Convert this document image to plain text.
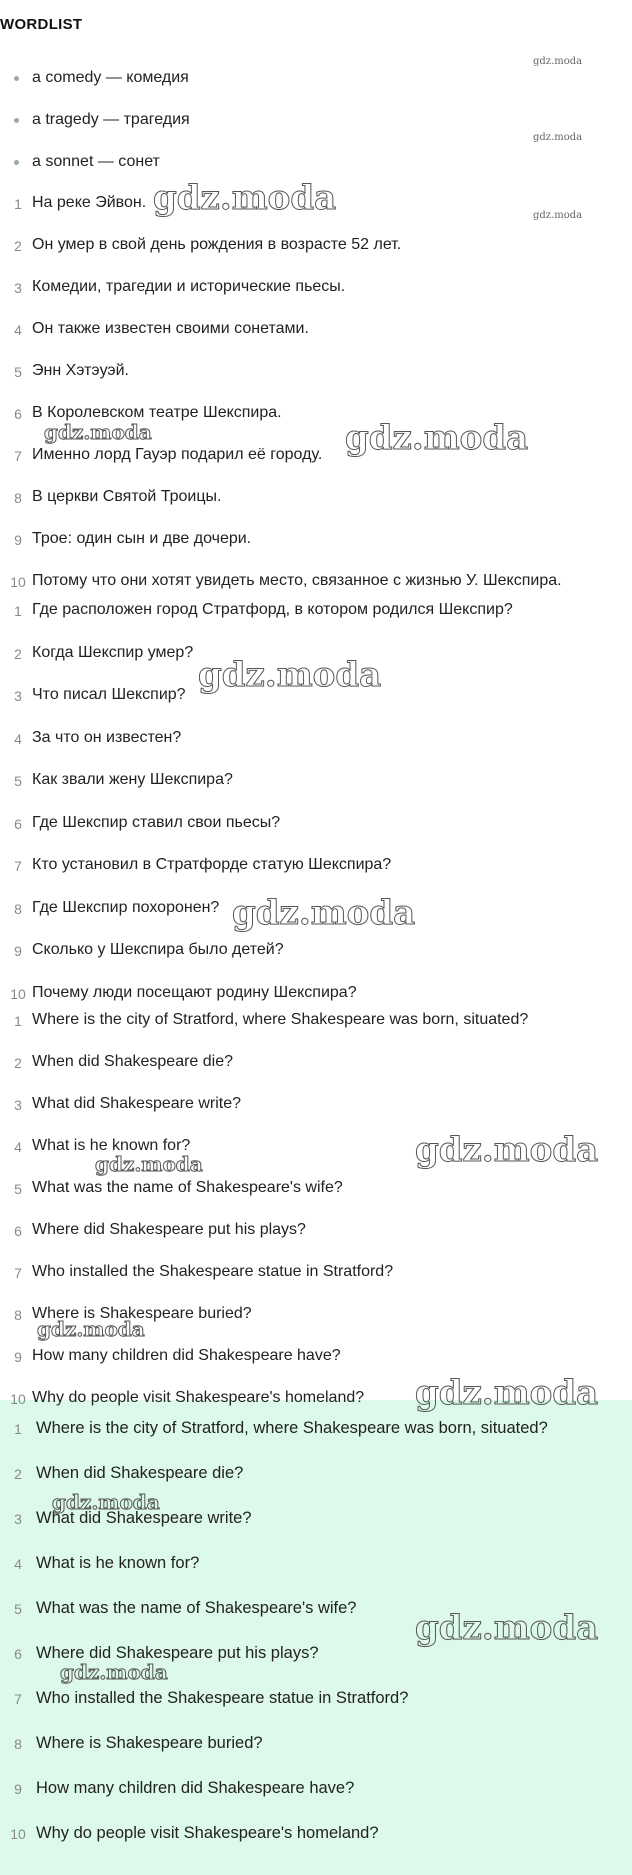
WORDLIST
a comedy — комедия
a tragedy — трагедия
a sonnet — сонет
1 На реке Эйвон.
2 Он умер в свой день рождения в возрасте 52 лет.
3 Комедии, трагедии и исторические пьесы.
4 Он также известен своими сонетами.
5 Энн Хэтэуэй.
6 В Королевском театре Шекспира.
7 Именно лорд Гауэр подарил её городу.
8 В церкви Святой Троицы.
9 Трое: один сын и две дочери.
10 Потому что они хотят увидеть место, связанное с жизнью У. Шекспира.
1 Где расположен город Стратфорд, в котором родился Шекспир?
2 Когда Шекспир умер?
3 Что писал Шекспир?
4 За что он известен?
5 Как звали жену Шекспира?
6 Где Шекспир ставил свои пьесы?
7 Кто установил в Стратфорде статую Шекспира?
8 Где Шекспир похоронен?
9 Сколько у Шекспира было детей?
10 Почему люди посещают родину Шекспира?
1 Where is the city of Stratford, where Shakespeare was born, situated?
2 When did Shakespeare die?
3 What did Shakespeare write?
4 What is he known for?
5 What was the name of Shakespeare's wife?
6 Where did Shakespeare put his plays?
7 Who installed the Shakespeare statue in Stratford?
8 Where is Shakespeare buried?
9 How many children did Shakespeare have?
10 Why do people visit Shakespeare's homeland?
1 Where is the city of Stratford, where Shakespeare was born, situated?
2 When did Shakespeare die?
3 What did Shakespeare write?
4 What is he known for?
5 What was the name of Shakespeare's wife?
6 Where did Shakespeare put his plays?
7 Who installed the Shakespeare statue in Stratford?
8 Where is Shakespeare buried?
9 How many children did Shakespeare have?
10 Why do people visit Shakespeare's homeland?
gdz.moda
gdz.moda
gdz.moda
gdz.moda
gdz.moda	gdz.moda
gdz.moda
gdz.moda
gdz.moda
gdz.moda
gdz.moda
gdz.moda
